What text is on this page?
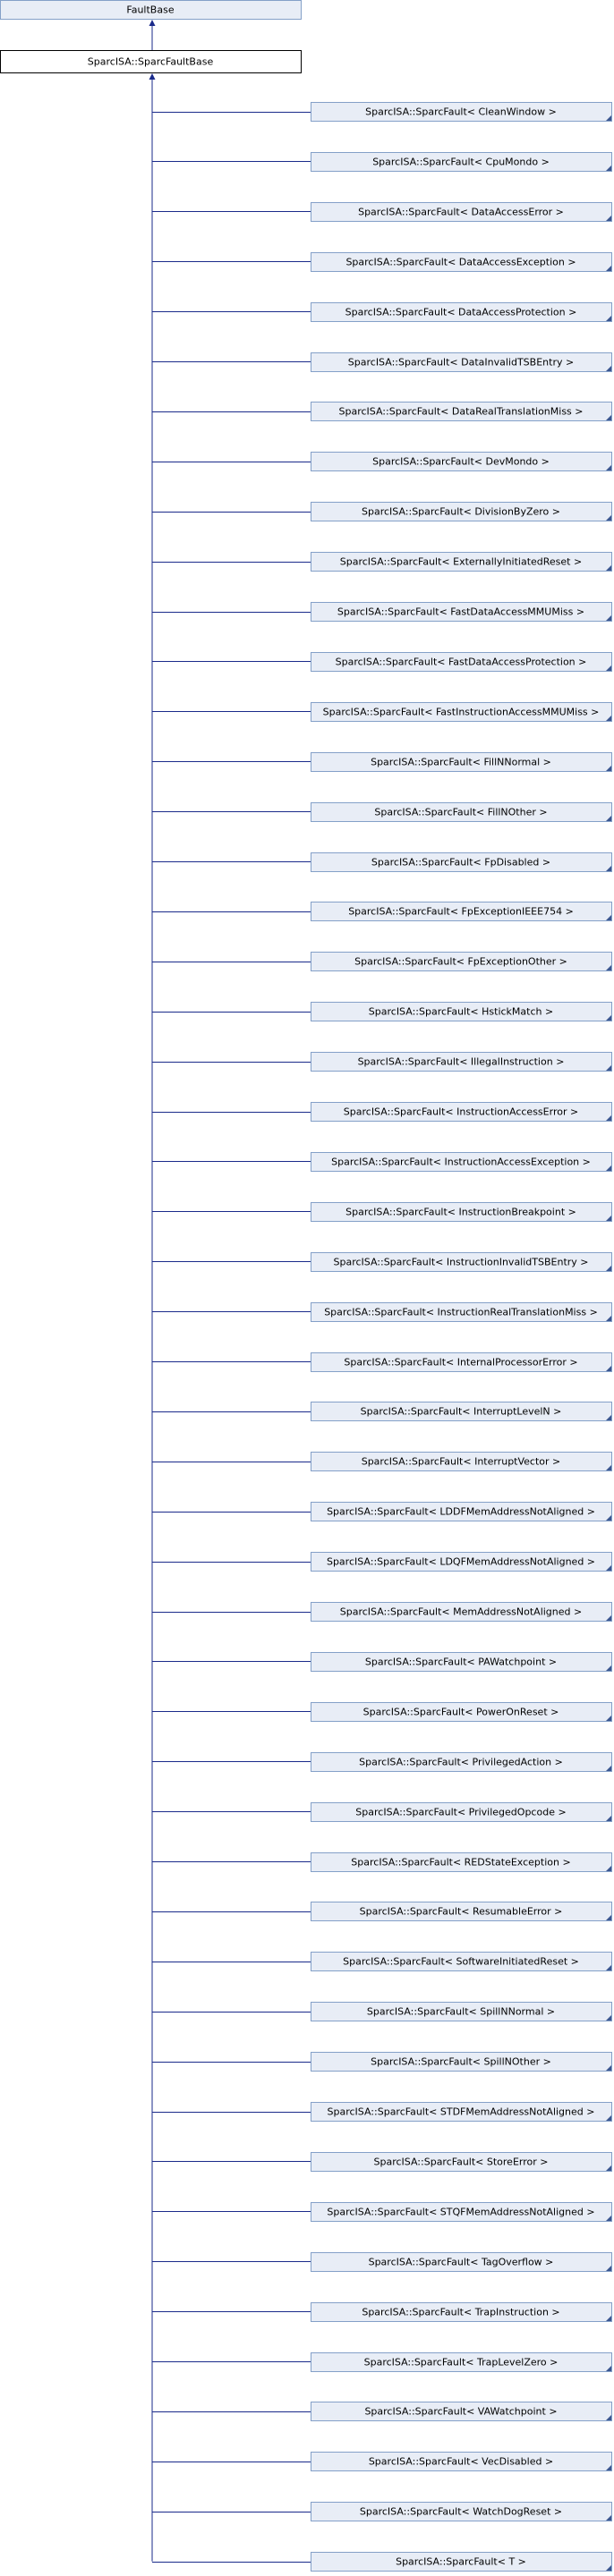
FaultBase
SparcISA::SparcFaultBase
SparcISA::SparcFault< CleanWindow >
SparcISA::SparcFault< CpuMondo >
SparcISA::SparcFault< DataAccessError >
SparcISA::SparcFault< DataAccessException >
SparcISA::SparcFault< DataAccessProtection >
SparcISA::SparcFault< DataInvalidTSBEntry >
SparcISA::SparcFault< DataRealTranslationMiss >
SparcISA::SparcFault< DevMondo >
SparcISA::SparcFault< DivisionByZero >
SparcISA::SparcFault< ExternallyInitiatedReset >
SparcISA::SparcFault< FastDataAccessMMUMiss >
SparcISA::SparcFault< FastDataAccessProtection >
SparcISA::SparcFault< FastInstructionAccessMMUMiss >
SparcISA::SparcFault< FillNNormal >
SparcISA::SparcFault< FillNOther >
SparcISA::SparcFault< FpDisabled >
SparcISA::SparcFault< FpExceptionIEEE754 >
SparcISA::SparcFault< FpExceptionOther >
SparcISA::SparcFault< HstickMatch >
SparcISA::SparcFault< IllegalInstruction >
SparcISA::SparcFault< InstructionAccessError >
SparcISA::SparcFault< InstructionAccessException >
SparcISA::SparcFault< InstructionBreakpoint >
SparcISA::SparcFault< InstructionInvalidTSBEntry >
SparcISA::SparcFault< InstructionRealTranslationMiss >
SparcISA::SparcFault< InternalProcessorError >
SparcISA::SparcFault< InterruptLevelN >
SparcISA::SparcFault< InterruptVector >
SparcISA::SparcFault< LDDFMemAddressNotAligned >
SparcISA::SparcFault< LDQFMemAddressNotAligned >
SparcISA::SparcFault< MemAddressNotAligned >
SparcISA::SparcFault< PAWatchpoint >
SparcISA::SparcFault< PowerOnReset >
SparcISA::SparcFault< PrivilegedAction >
SparcISA::SparcFault< PrivilegedOpcode >
SparcISA::SparcFault< REDStateException >
SparcISA::SparcFault< ResumableError >
SparcISA::SparcFault< SoftwareInitiatedReset >
SparcISA::SparcFault< SpillNNormal >
SparcISA::SparcFault< SpillNOther >
SparcISA::SparcFault< STDFMemAddressNotAligned >
SparcISA::SparcFault< StoreError >
SparcISA::SparcFault< STQFMemAddressNotAligned >
SparcISA::SparcFault< TagOverflow >
SparcISA::SparcFault< TrapInstruction >
SparcISA::SparcFault< TrapLevelZero >
SparcISA::SparcFault< VAWatchpoint >
SparcISA::SparcFault< VecDisabled >
SparcISA::SparcFault< WatchDogReset >
SparcISA::SparcFault< T >
